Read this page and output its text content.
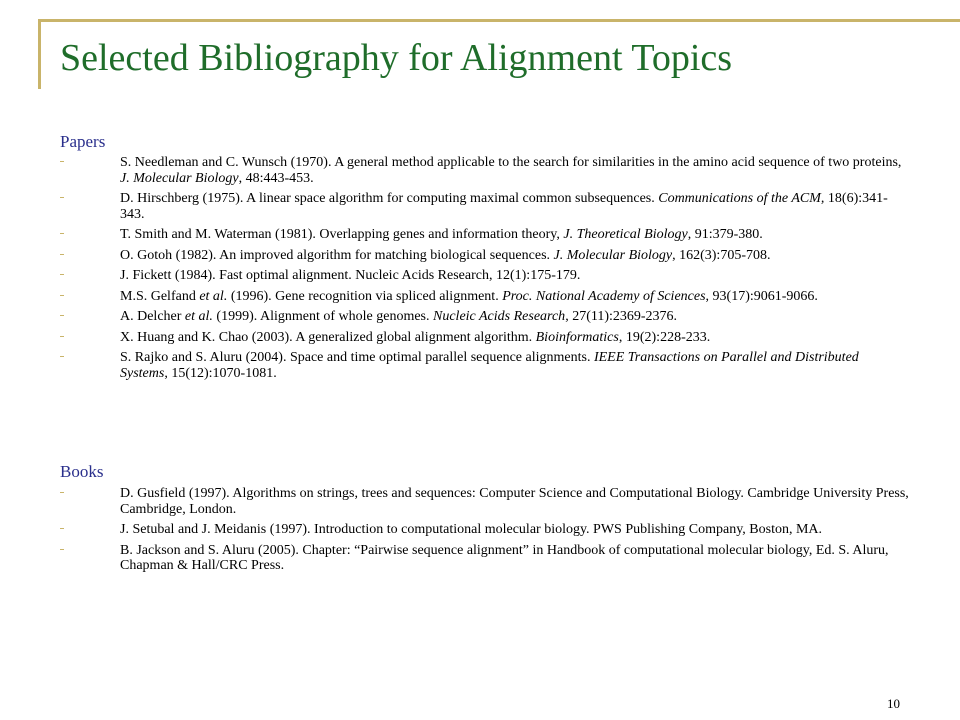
Selected Bibliography for Alignment Topics
Papers
S. Needleman and C. Wunsch (1970). A general method applicable to the search for similarities in the amino acid sequence of two proteins, J. Molecular Biology, 48:443-453.
D. Hirschberg (1975). A linear space algorithm for computing maximal common subsequences. Communications of the ACM, 18(6):341-343.
T. Smith and M. Waterman (1981). Overlapping genes and information theory, J. Theoretical Biology, 91:379-380.
O. Gotoh (1982). An improved algorithm for matching biological sequences. J. Molecular Biology, 162(3):705-708.
J. Fickett (1984). Fast optimal alignment. Nucleic Acids Research, 12(1):175-179.
M.S. Gelfand et al. (1996). Gene recognition via spliced alignment. Proc. National Academy of Sciences, 93(17):9061-9066.
A. Delcher et al. (1999). Alignment of whole genomes. Nucleic Acids Research, 27(11):2369-2376.
X. Huang and K. Chao (2003). A generalized global alignment algorithm. Bioinformatics, 19(2):228-233.
S. Rajko and S. Aluru (2004). Space and time optimal parallel sequence alignments. IEEE Transactions on Parallel and Distributed Systems, 15(12):1070-1081.
Books
D. Gusfield (1997). Algorithms on strings, trees and sequences: Computer Science and Computational Biology. Cambridge University Press, Cambridge, London.
J. Setubal and J. Meidanis (1997). Introduction to computational molecular biology. PWS Publishing Company, Boston, MA.
B. Jackson and S. Aluru (2005). Chapter: “Pairwise sequence alignment” in Handbook of computational molecular biology, Ed. S. Aluru, Chapman & Hall/CRC Press.
10
